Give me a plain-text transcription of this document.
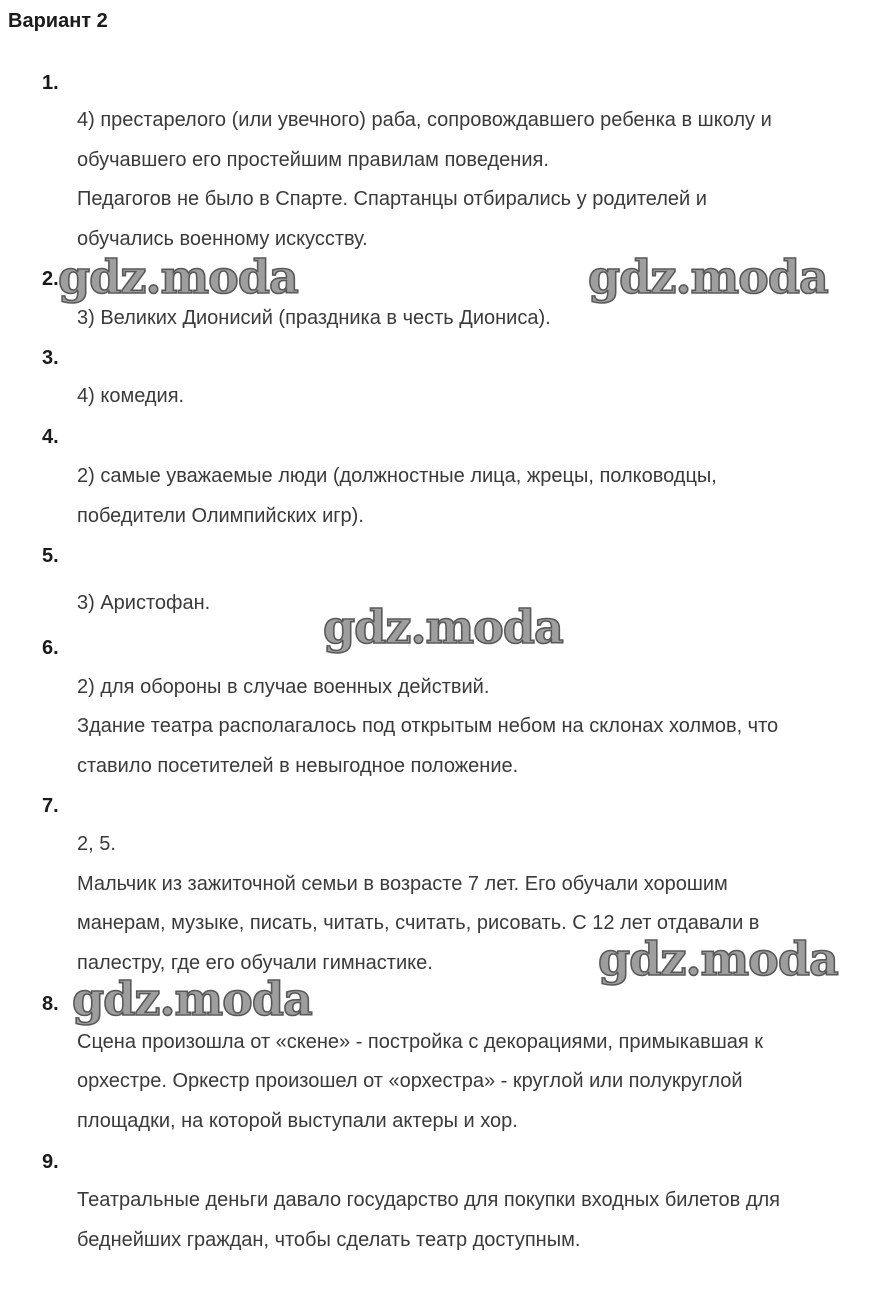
Вариант 2
1.
4) престарелого (или увечного) раба, сопровождавшего ребенка в школу и
обучавшего его простейшим правилам поведения.
Педагогов не было в Спарте. Спартанцы отбирались у родителей и
обучались военному искусству.
2.
3) Великих Дионисий (праздника в честь Диониса).
3.
4) комедия.
4.
2) самые уважаемые люди (должностные лица, жрецы, полководцы,
победители Олимпийских игр).
5.
3) Аристофан.
6.
2) для обороны в случае военных действий.
Здание театра располагалось под открытым небом на склонах холмов, что
ставило посетителей в невыгодное положение.
7.
2, 5.
Мальчик из зажиточной семьи в возрасте 7 лет. Его обучали хорошим
манерам, музыке, писать, читать, считать, рисовать. С 12 лет отдавали в
палестру, где его обучали гимнастике.
8.
Сцена произошла от «скене» - постройка с декорациями, примыкавшая к
орхестре. Оркестр произошел от «орхестра» - круглой или полукруглой
площадки, на которой выступали актеры и хор.
9.
Театральные деньги давало государство для покупки входных билетов для
беднейших граждан, чтобы сделать театр доступным.
gdz.moda	gdz.moda
gdz.moda
gdz.moda
gdz.moda
